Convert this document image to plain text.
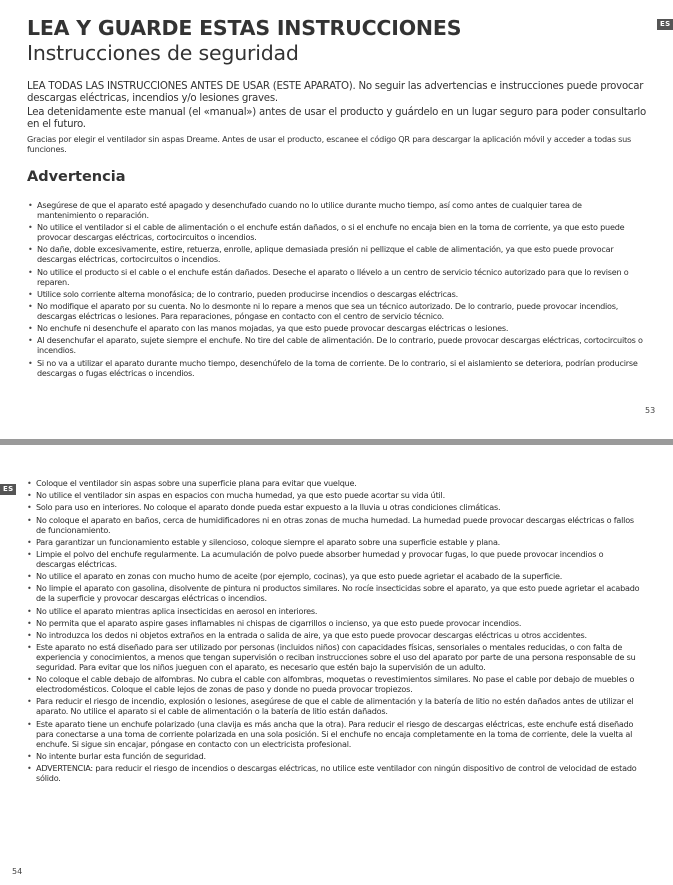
ES
LEA Y GUARDE ESTAS INSTRUCCIONES
Instrucciones de seguridad

LEA TODAS LAS INSTRUCCIONES ANTES DE USAR (ESTE APARATO). No seguir las advertencias e instrucciones puede provocar descargas eléctricas, incendios y/o lesiones graves.

Lea detenidamente este manual (el «manual») antes de usar el producto y guárdelo en un lugar seguro para poder consultarlo en el futuro.

Gracias por elegir el ventilador sin aspas Dreame. Antes de usar el producto, escanee el código QR para descargar la aplicación móvil y acceder a todas sus funciones.

Advertencia
• Asegúrese de que el aparato esté apagado y desenchufado cuando no lo utilice durante mucho tiempo, así como antes de cualquier tarea de mantenimiento o reparación.
• No utilice el ventilador si el cable de alimentación o el enchufe están dañados, o si el enchufe no encaja bien en la toma de corriente, ya que esto puede provocar descargas eléctricas, cortocircuitos o incendios.
• No dañe, doble excesivamente, estire, retuerza, enrolle, aplique demasiada presión ni pellizque el cable de alimentación, ya que esto puede provocar descargas eléctricas, cortocircuitos o incendios.
• No utilice el producto si el cable o el enchufe están dañados. Deseche el aparato o llévelo a un centro de servicio técnico autorizado para que lo revisen o reparen.
• Utilice solo corriente alterna monofásica; de lo contrario, pueden producirse incendios o descargas eléctricas.
• No modifique el aparato por su cuenta. No lo desmonte ni lo repare a menos que sea un técnico autorizado. De lo contrario, puede provocar incendios, descargas eléctricas o lesiones. Para reparaciones, póngase en contacto con el centro de servicio técnico.
• No enchufe ni desenchufe el aparato con las manos mojadas, ya que esto puede provocar descargas eléctricas o lesiones.
• Al desenchufar el aparato, sujete siempre el enchufe. No tire del cable de alimentación. De lo contrario, puede provocar descargas eléctricas, cortocircuitos o incendios.
• Si no va a utilizar el aparato durante mucho tiempo, desenchúfelo de la toma de corriente. De lo contrario, si el aislamiento se deteriora, podrían producirse descargas o fugas eléctricas o incendios.
53
ES
• Coloque el ventilador sin aspas sobre una superficie plana para evitar que vuelque.
• No utilice el ventilador sin aspas en espacios con mucha humedad, ya que esto puede acortar su vida útil.
• Solo para uso en interiores. No coloque el aparato donde pueda estar expuesto a la lluvia u otras condiciones climáticas.
• No coloque el aparato en baños, cerca de humidificadores ni en otras zonas de mucha humedad. La humedad puede provocar descargas eléctricas o fallos de funcionamiento.
• Para garantizar un funcionamiento estable y silencioso, coloque siempre el aparato sobre una superficie estable y plana.
• Limpie el polvo del enchufe regularmente. La acumulación de polvo puede absorber humedad y provocar fugas, lo que puede provocar incendios o descargas eléctricas.
• No utilice el aparato en zonas con mucho humo de aceite (por ejemplo, cocinas), ya que esto puede agrietar el acabado de la superficie.
• No limpie el aparato con gasolina, disolvente de pintura ni productos similares. No rocíe insecticidas sobre el aparato, ya que esto puede agrietar el acabado de la superficie y provocar descargas eléctricas o incendios.
• No utilice el aparato mientras aplica insecticidas en aerosol en interiores.
• No permita que el aparato aspire gases inflamables ni chispas de cigarrillos o incienso, ya que esto puede provocar incendios.
• No introduzca los dedos ni objetos extraños en la entrada o salida de aire, ya que esto puede provocar descargas eléctricas u otros accidentes.
• Este aparato no está diseñado para ser utilizado por personas (incluidos niños) con capacidades físicas, sensoriales o mentales reducidas, o con falta de experiencia y conocimientos, a menos que tengan supervisión o reciban instrucciones sobre el uso del aparato por parte de una persona responsable de su seguridad. Para evitar que los niños jueguen con el aparato, es necesario que estén bajo la supervisión de un adulto.
• No coloque el cable debajo de alfombras. No cubra el cable con alfombras, moquetas o revestimientos similares. No pase el cable por debajo de muebles o electrodomésticos. Coloque el cable lejos de zonas de paso y donde no pueda provocar tropiezos.
• Para reducir el riesgo de incendio, explosión o lesiones, asegúrese de que el cable de alimentación y la batería de litio no estén dañados antes de utilizar el aparato. No utilice el aparato si el cable de alimentación o la batería de litio están dañados.
• Este aparato tiene un enchufe polarizado (una clavija es más ancha que la otra). Para reducir el riesgo de descargas eléctricas, este enchufe está diseñado para conectarse a una toma de corriente polarizada en una sola posición. Si el enchufe no encaja completamente en la toma de corriente, dele la vuelta al enchufe. Si sigue sin encajar, póngase en contacto con un electricista profesional.
• No intente burlar esta función de seguridad.
• ADVERTENCIA: para reducir el riesgo de incendios o descargas eléctricas, no utilice este ventilador con ningún dispositivo de control de velocidad de estado sólido.
54
